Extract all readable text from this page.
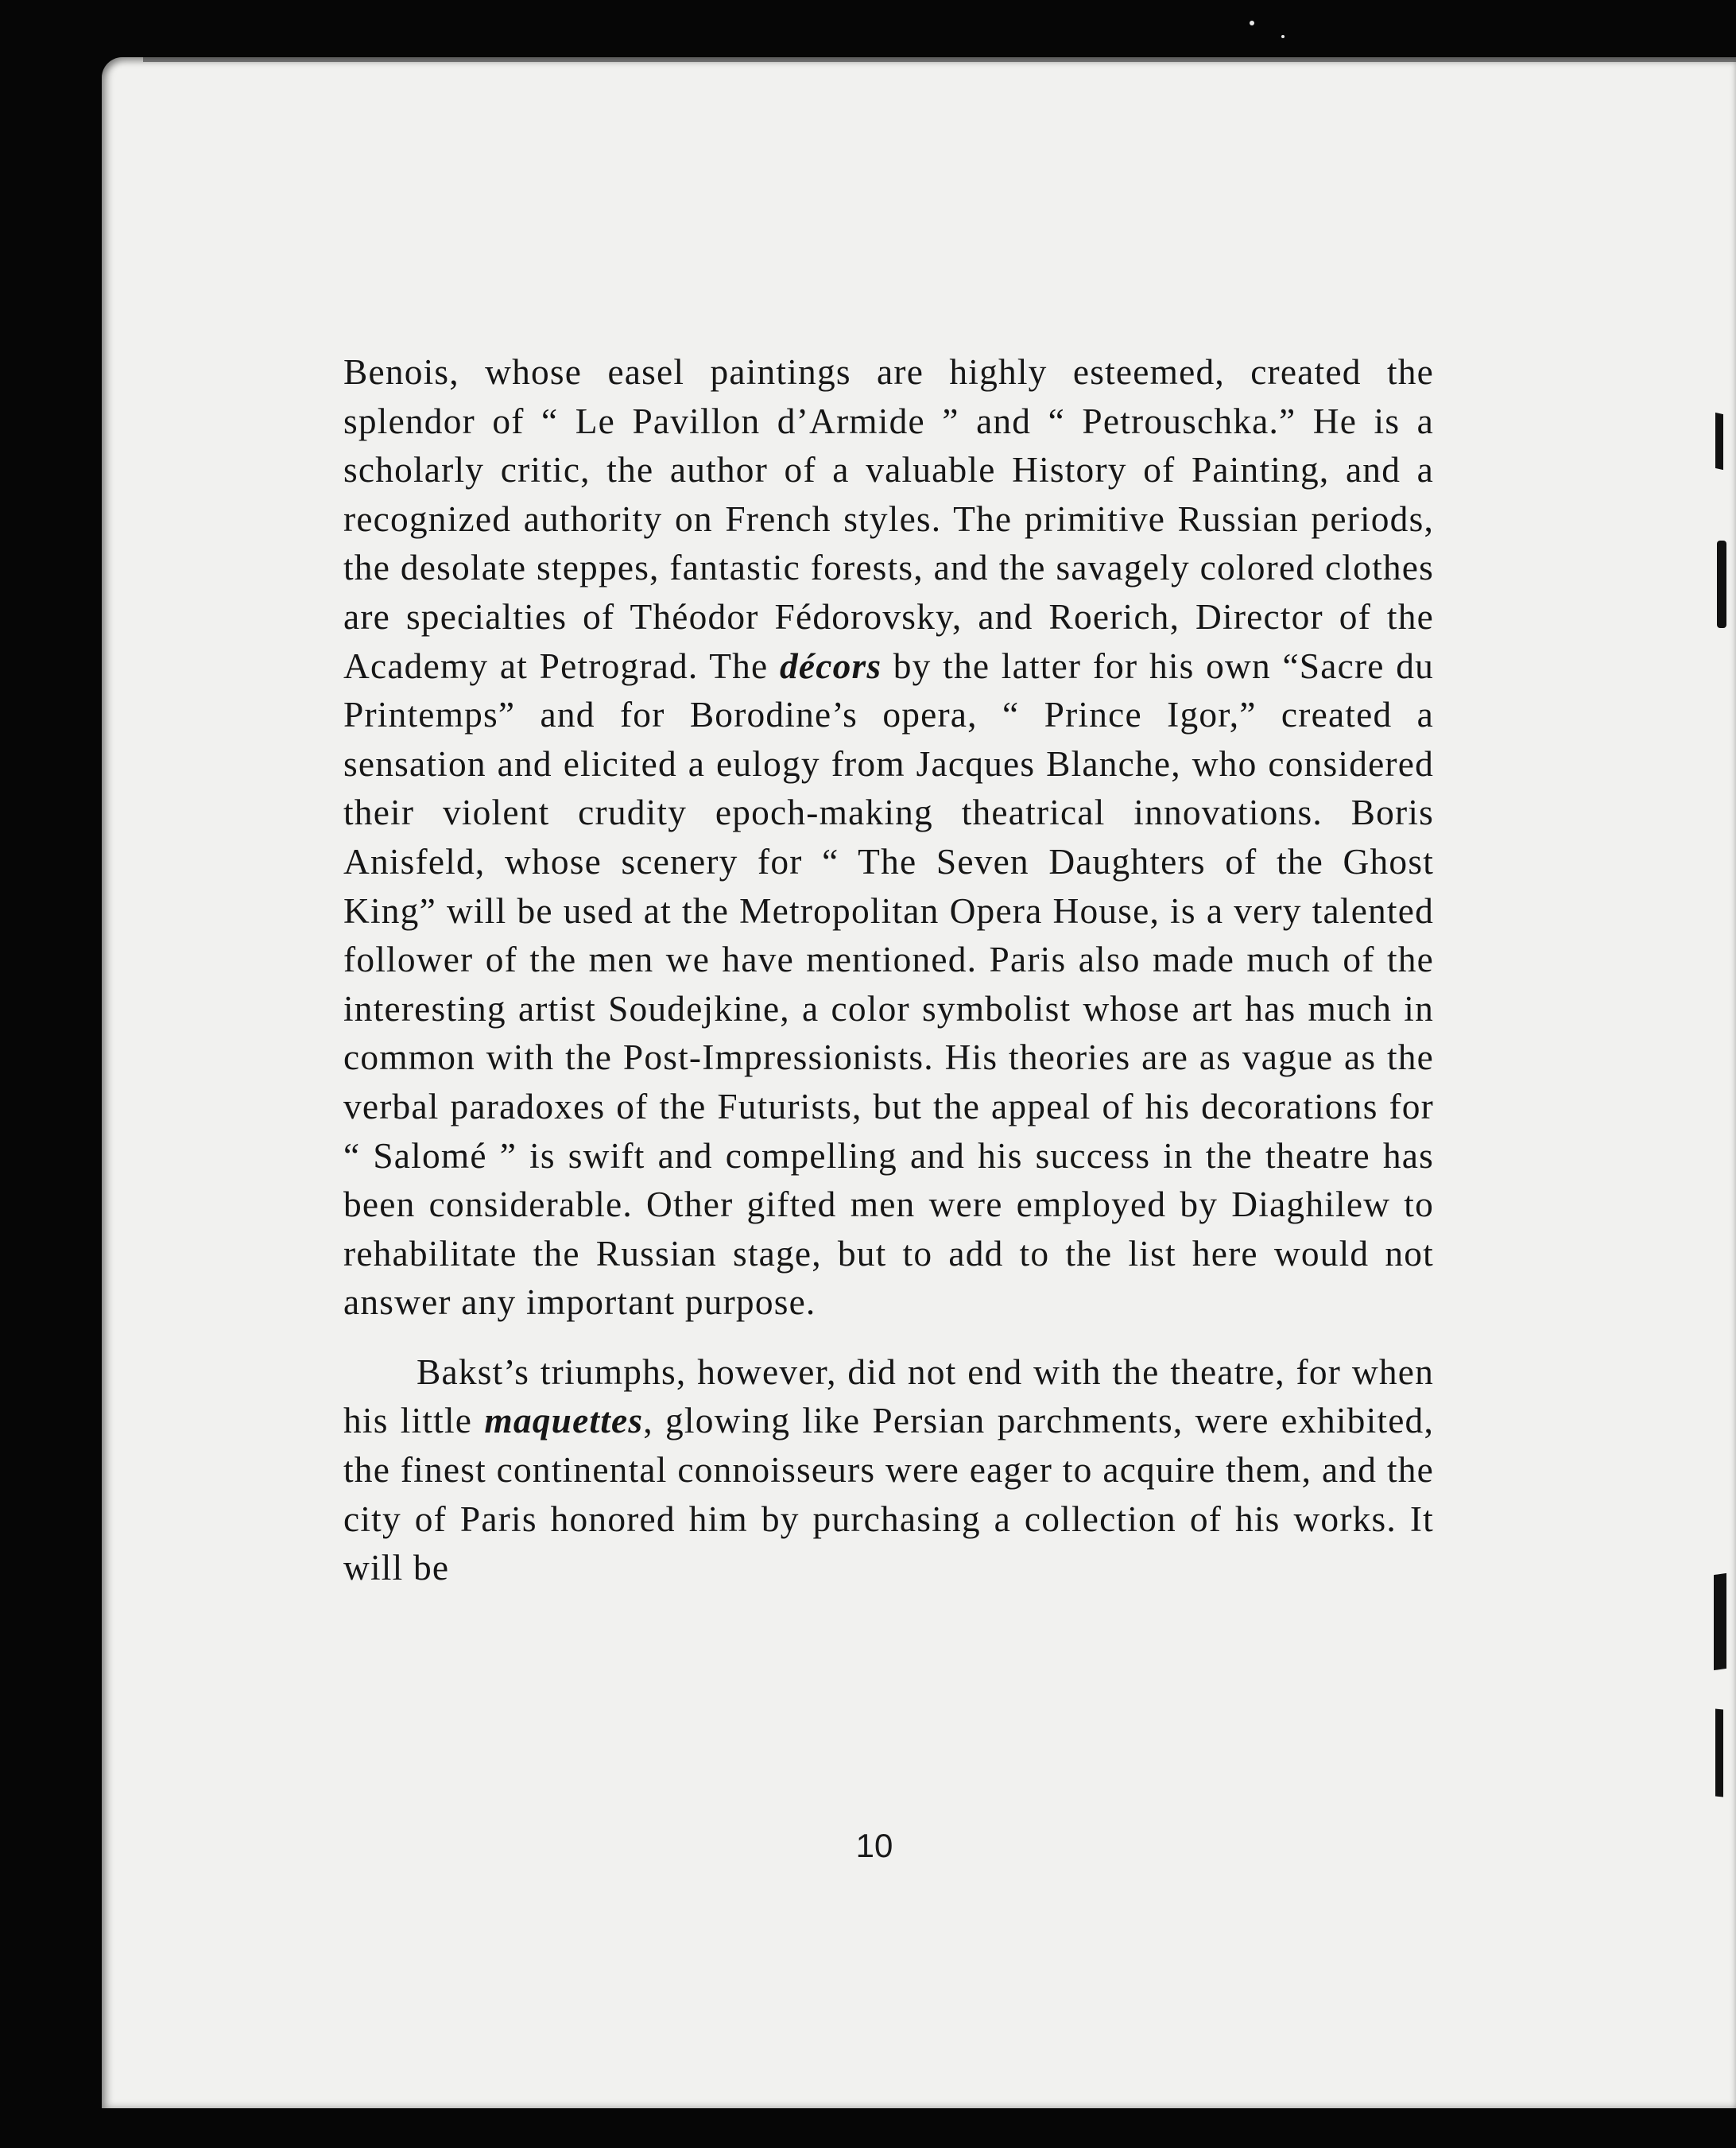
Benois, whose easel paintings are highly esteemed, created the splendor of “ Le Pavillon d’Armide ” and “ Petrouschka.” He is a scholarly critic, the author of a valuable History of Painting, and a recognized authority on French styles. The primitive Russian periods, the desolate steppes, fantastic forests, and the savagely colored clothes are specialties of Théodor Fédorovsky, and Roerich, Director of the Academy at Petrograd. The décors by the latter for his own “Sacre du Printemps” and for Borodine’s opera, “ Prince Igor,” created a sensation and elicited a eulogy from Jacques Blanche, who considered their violent crudity epoch-making theatrical innovations. Boris Anisfeld, whose scenery for “ The Seven Daughters of the Ghost King” will be used at the Metropolitan Opera House, is a very talented follower of the men we have mentioned. Paris also made much of the interesting artist Soudejkine, a color symbolist whose art has much in common with the Post-Impressionists. His theories are as vague as the verbal paradoxes of the Futurists, but the appeal of his decorations for “ Salomé ” is swift and compelling and his success in the theatre has been considerable. Other gifted men were employed by Diaghilew to rehabilitate the Russian stage, but to add to the list here would not answer any important purpose.

Bakst’s triumphs, however, did not end with the theatre, for when his little maquettes, glowing like Persian parchments, were exhibited, the finest continental connoisseurs were eager to acquire them, and the city of Paris honored him by purchasing a collection of his works. It will be

10
